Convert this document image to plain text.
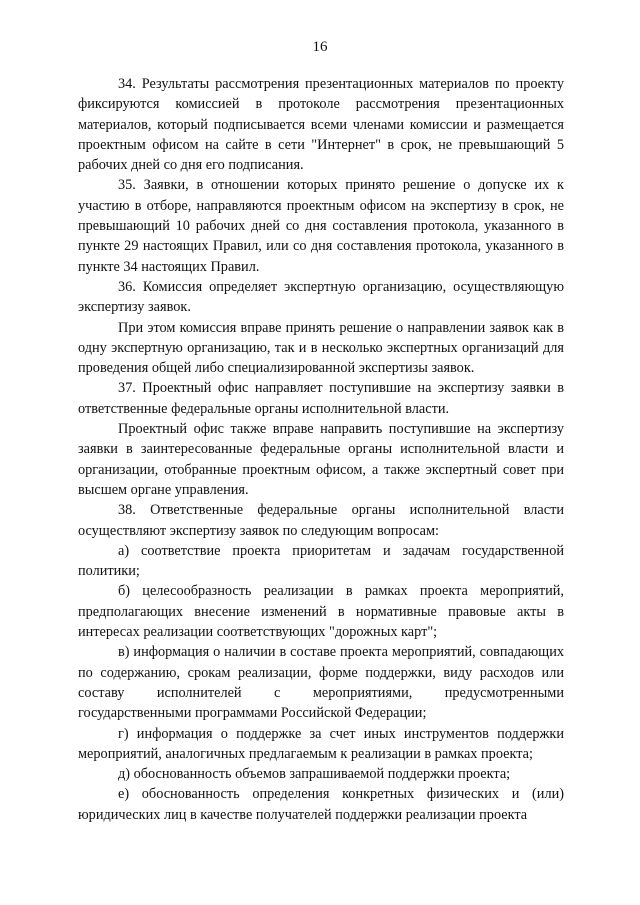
16

34. Результаты рассмотрения презентационных материалов по проекту фиксируются комиссией в протоколе рассмотрения презентационных материалов, который подписывается всеми членами комиссии и размещается проектным офисом на сайте в сети "Интернет" в срок, не превышающий 5 рабочих дней со дня его подписания.

35. Заявки, в отношении которых принято решение о допуске их к участию в отборе, направляются проектным офисом на экспертизу в срок, не превышающий 10 рабочих дней со дня составления протокола, указанного в пункте 29 настоящих Правил, или со дня составления протокола, указанного в пункте 34 настоящих Правил.

36. Комиссия определяет экспертную организацию, осуществляющую экспертизу заявок.

При этом комиссия вправе принять решение о направлении заявок как в одну экспертную организацию, так и в несколько экспертных организаций для проведения общей либо специализированной экспертизы заявок.

37. Проектный офис направляет поступившие на экспертизу заявки в ответственные федеральные органы исполнительной власти.

Проектный офис также вправе направить поступившие на экспертизу заявки в заинтересованные федеральные органы исполнительной власти и организации, отобранные проектным офисом, а также экспертный совет при высшем органе управления.

38. Ответственные федеральные органы исполнительной власти осуществляют экспертизу заявок по следующим вопросам:

а) соответствие проекта приоритетам и задачам государственной политики;

б) целесообразность реализации в рамках проекта мероприятий, предполагающих внесение изменений в нормативные правовые акты в интересах реализации соответствующих "дорожных карт";

в) информация о наличии в составе проекта мероприятий, совпадающих по содержанию, срокам реализации, форме поддержки, виду расходов или составу исполнителей с мероприятиями, предусмотренными государственными программами Российской Федерации;

г) информация о поддержке за счет иных инструментов поддержки мероприятий, аналогичных предлагаемым к реализации в рамках проекта;

д) обоснованность объемов запрашиваемой поддержки проекта;

е) обоснованность определения конкретных физических и (или) юридических лиц в качестве получателей поддержки реализации проекта
